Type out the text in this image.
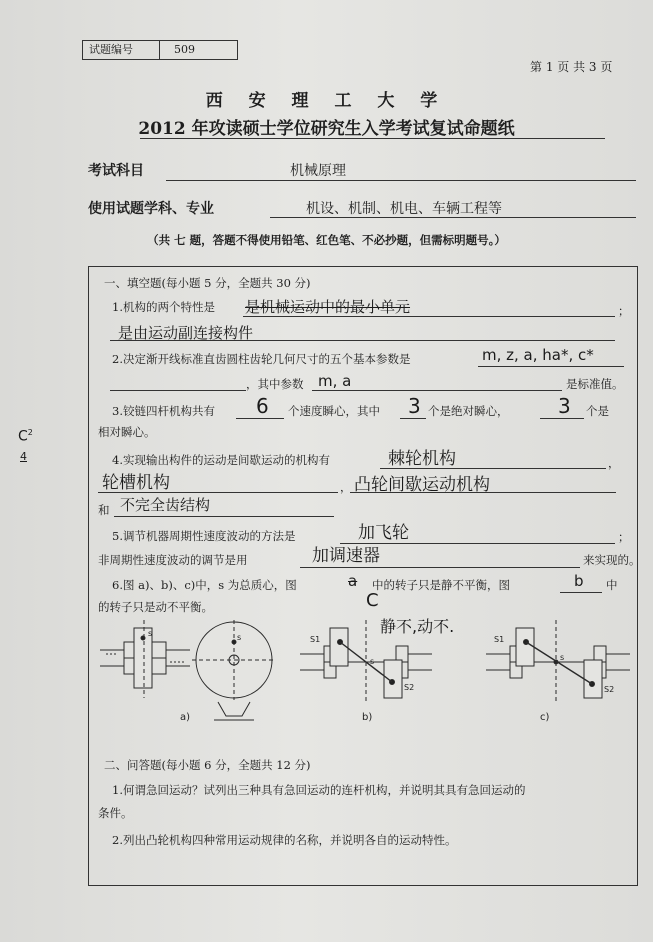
试题编号	509
第 1 页 共 3 页
西 安 理 工 大 学
2012 年攻读硕士学位研究生入学考试复试命题纸
考试科目	机械原理
使用试题学科、专业	机设、机制、机电、车辆工程等
（共 七 题，答题不得使用铅笔、红色笔、不必抄题，但需标明题号。）
$C^2$
4
一、填空题(每小题 5 分，全题共 30 分)
1.机构的两个特性是 是机械运动中的最小单元	；
是由运动副连接构件
2.决定渐开线标准直齿圆柱齿轮几何尺寸的五个基本参数是	m, z, a, ha*, c*
，其中参数 m, a	是标准值。
3.铰链四杆机构共有 6 个速度瞬心，其中 3 个是绝对瞬心， 3 个是
相对瞬心。
4.实现输出构件的运动是间歇运动的机构有	棘轮机构	，
轮槽机构	， 凸轮间歇运动机构
和 不完全齿结构
5.调节机器周期性速度波动的方法是	加飞轮	；
非周期性速度波动的调节是用	加调速器	来实现的。
6.图 a)、b)、c)中，s 为总质心，图	a 中的转子只是静不平衡，图	b 中
的转子只是动不平衡。	C
静不,动不.
s	s
a)
S1
s
S2
b)
S1
s
S2
c)
二、问答题(每小题 6 分，全题共 12 分)
1.何谓急回运动？试列出三种具有急回运动的连杆机构，并说明其具有急回运动的
条件。
2.列出凸轮机构四种常用运动规律的名称，并说明各自的运动特性。
